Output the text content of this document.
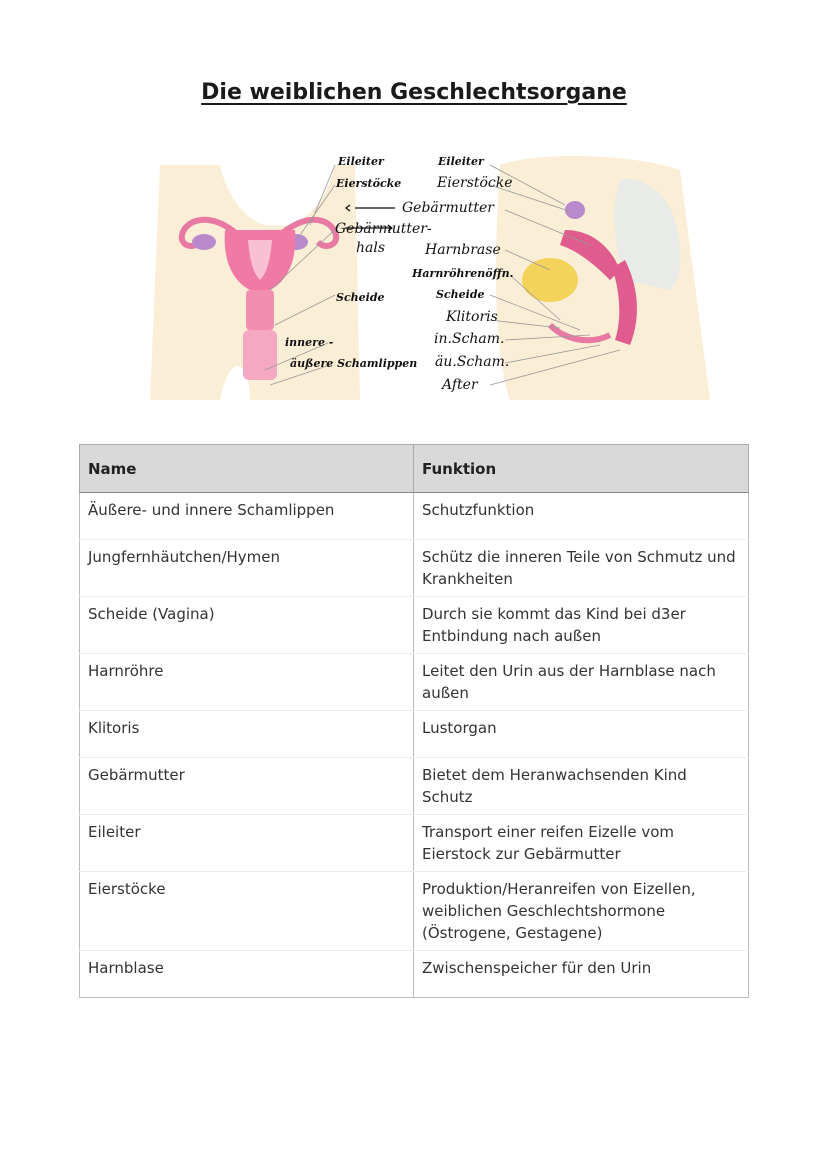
Die weiblichen Geschlechtsorgane
Eileiter
Eierstöcke
Gebärmutter-
hals
Scheide
innere -
äußere Schamlippen
Eileiter
Eierstöcke
Gebärmutter
Harnbrase
Harnröhrenöffn.
Scheide
Klitoris
in.Scham.
äu.Scham.
After
Name	Funktion
Äußere- und innere Schamlippen	Schutzfunktion
Jungfernhäutchen/Hymen	Schütz die inneren Teile von Schmutz und Krankheiten
Scheide (Vagina)	Durch sie kommt das Kind bei d3er Entbindung nach außen
Harnröhre	Leitet den Urin aus der Harnblase nach außen
Klitoris	Lustorgan
Gebärmutter	Bietet dem Heranwachsenden Kind Schutz
Eileiter	Transport einer reifen Eizelle vom Eierstock zur Gebärmutter
Eierstöcke	Produktion/Heranreifen von Eizellen, weiblichen Geschlechtshormone (Östrogene, Gestagene)
Harnblase	Zwischenspeicher für den Urin
